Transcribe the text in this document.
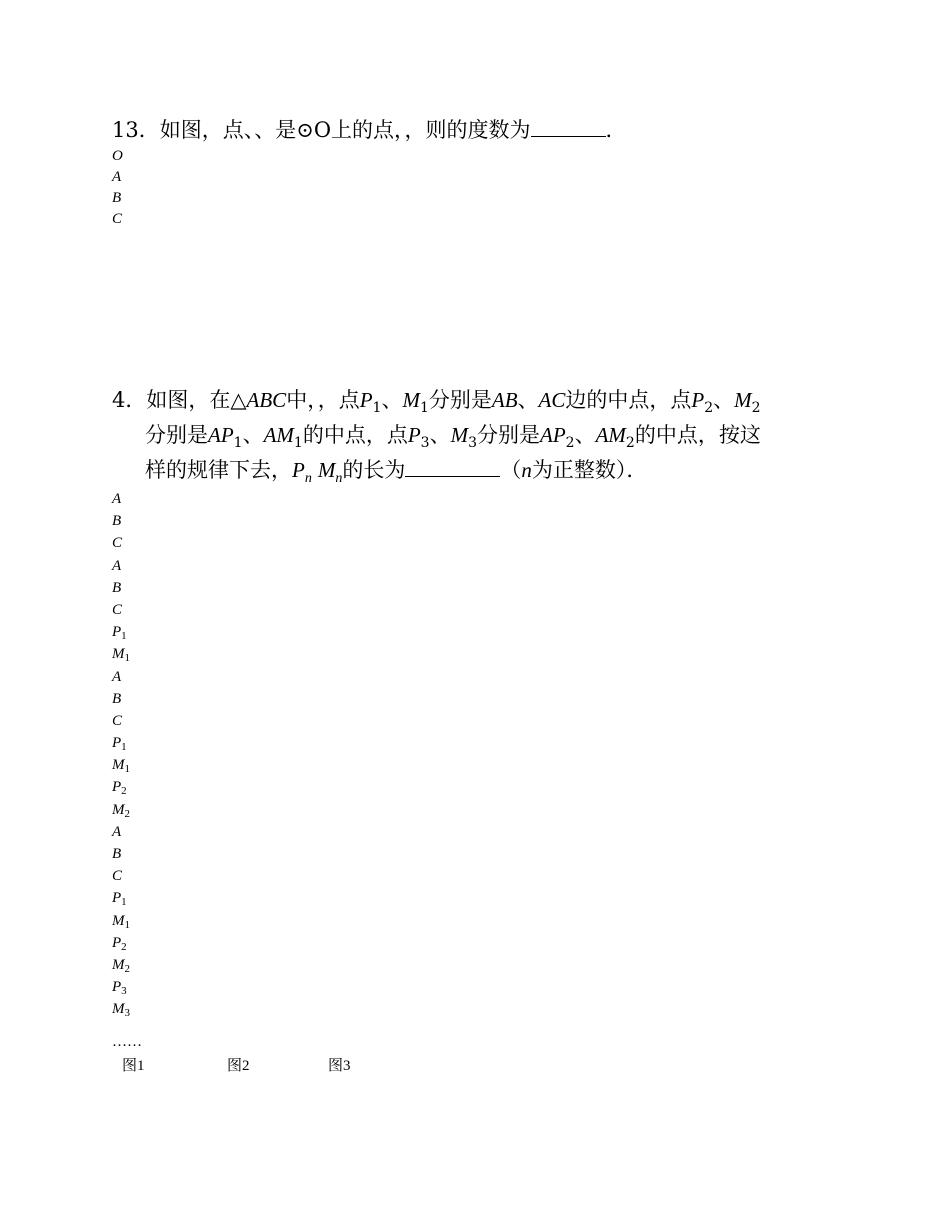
13．如图，点、、是⊙O上的点，，则的度数为	．
O
A
B
C
4．如图，在△ABC中，，点$P_1$、$M_1$分别是AB、AC边的中点，点$P_2$、$M_2$
分别是$AP_1$、$AM_1$的中点，点$P_3$、$M_3$分别是$AP_2$、$AM_2$的中点，按这
样的规律下去，$P_n$ $M_n$的长为	（n为正整数）．
A
B
C
A
B
C
$P_1$
$M_1$
A
B
C
$P_1$
$M_1$
$P_2$
$M_2$
A
B
C
$P_1$
$M_1$
$P_2$
$M_2$
$P_3$
$M_3$
……
图1	图2	图3
